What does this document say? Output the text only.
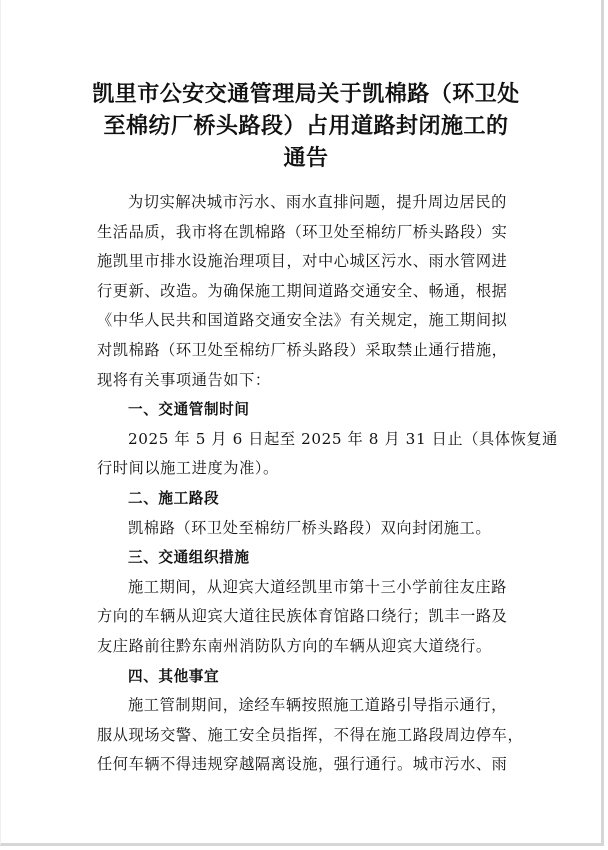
凯里市公安交通管理局关于凯棉路（环卫处
至棉纺厂桥头路段）占用道路封闭施工的
通告

为切实解决城市污水、雨水直排问题，提升周边居民的

生活品质，我市将在凯棉路（环卫处至棉纺厂桥头路段）实

施凯里市排水设施治理项目，对中心城区污水、雨水管网进

行更新、改造。为确保施工期间道路交通安全、畅通，根据

《中华人民共和国道路交通安全法》有关规定，施工期间拟

对凯棉路（环卫处至棉纺厂桥头路段）采取禁止通行措施，

现将有关事项通告如下：

一、交通管制时间

2025 年 5 月 6 日起至 2025 年 8 月 31 日止（具体恢复通

行时间以施工进度为准）。

二、施工路段

凯棉路（环卫处至棉纺厂桥头路段）双向封闭施工。

三、交通组织措施

施工期间，从迎宾大道经凯里市第十三小学前往友庄路

方向的车辆从迎宾大道往民族体育馆路口绕行；凯丰一路及

友庄路前往黔东南州消防队方向的车辆从迎宾大道绕行。

四、其他事宜

施工管制期间，途经车辆按照施工道路引导指示通行，

服从现场交警、施工安全员指挥，不得在施工路段周边停车，

任何车辆不得违规穿越隔离设施，强行通行。城市污水、雨
